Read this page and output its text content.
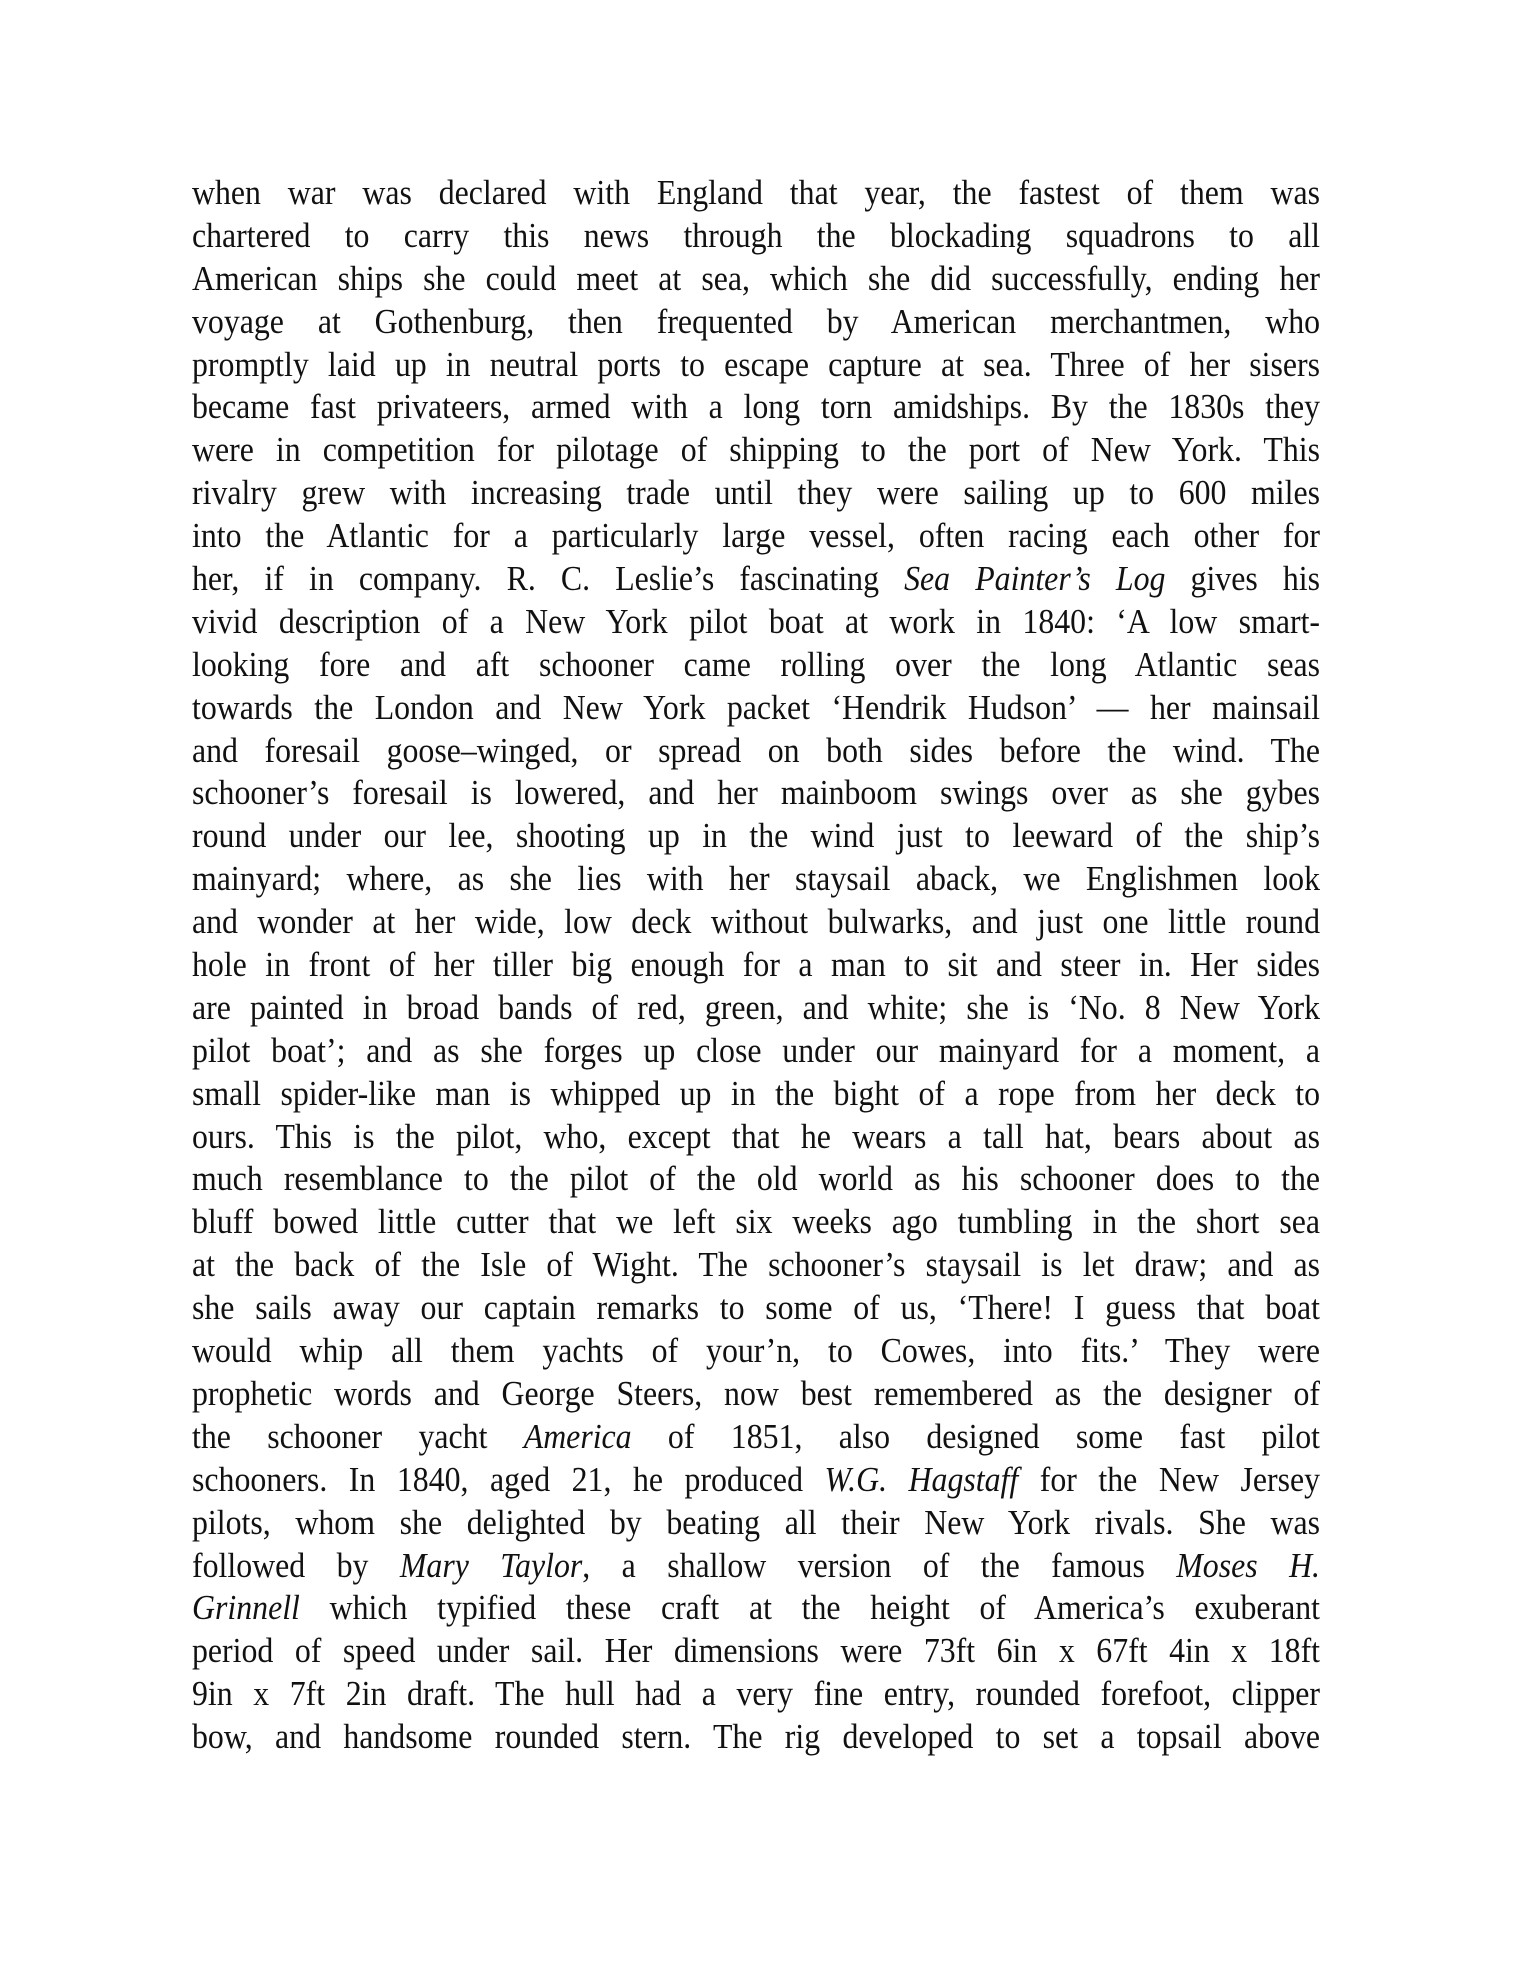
when war was declared with England that year, the fastest of them was
chartered to carry this news through the blockading squadrons to all
American ships she could meet at sea, which she did successfully, ending her
voyage at Gothenburg, then frequented by American merchantmen, who
promptly laid up in neutral ports to escape capture at sea. Three of her sisers
became fast privateers, armed with a long torn amidships. By the 1830s they
were in competition for pilotage of shipping to the port of New York. This
rivalry grew with increasing trade until they were sailing up to 600 miles
into the Atlantic for a particularly large vessel, often racing each other for
her, if in company. R. C. Leslie’s fascinating Sea Painter’s Log gives his
vivid description of a New York pilot boat at work in 1840: ‘A low smart-
looking fore and aft schooner came rolling over the long Atlantic seas
towards the London and New York packet ‘Hendrik Hudson’ — her mainsail
and foresail goose–winged, or spread on both sides before the wind. The
schooner’s foresail is lowered, and her mainboom swings over as she gybes
round under our lee, shooting up in the wind just to leeward of the ship’s
mainyard; where, as she lies with her staysail aback, we Englishmen look
and wonder at her wide, low deck without bulwarks, and just one little round
hole in front of her tiller big enough for a man to sit and steer in. Her sides
are painted in broad bands of red, green, and white; she is ‘No. 8 New York
pilot boat’; and as she forges up close under our mainyard for a moment, a
small spider-like man is whipped up in the bight of a rope from her deck to
ours. This is the pilot, who, except that he wears a tall hat, bears about as
much resemblance to the pilot of the old world as his schooner does to the
bluff bowed little cutter that we left six weeks ago tumbling in the short sea
at the back of the Isle of Wight. The schooner’s staysail is let draw; and as
she sails away our captain remarks to some of us, ‘There! I guess that boat
would whip all them yachts of your’n, to Cowes, into fits.’ They were
prophetic words and George Steers, now best remembered as the designer of
the schooner yacht America of 1851, also designed some fast pilot
schooners. In 1840, aged 21, he produced W.G. Hagstaff for the New Jersey
pilots, whom she delighted by beating all their New York rivals. She was
followed by Mary Taylor, a shallow version of the famous Moses H.
Grinnell which typified these craft at the height of America’s exuberant
period of speed under sail. Her dimensions were 73ft 6in x 67ft 4in x 18ft
9in x 7ft 2in draft. The hull had a very fine entry, rounded forefoot, clipper
bow, and handsome rounded stern. The rig developed to set a topsail above
